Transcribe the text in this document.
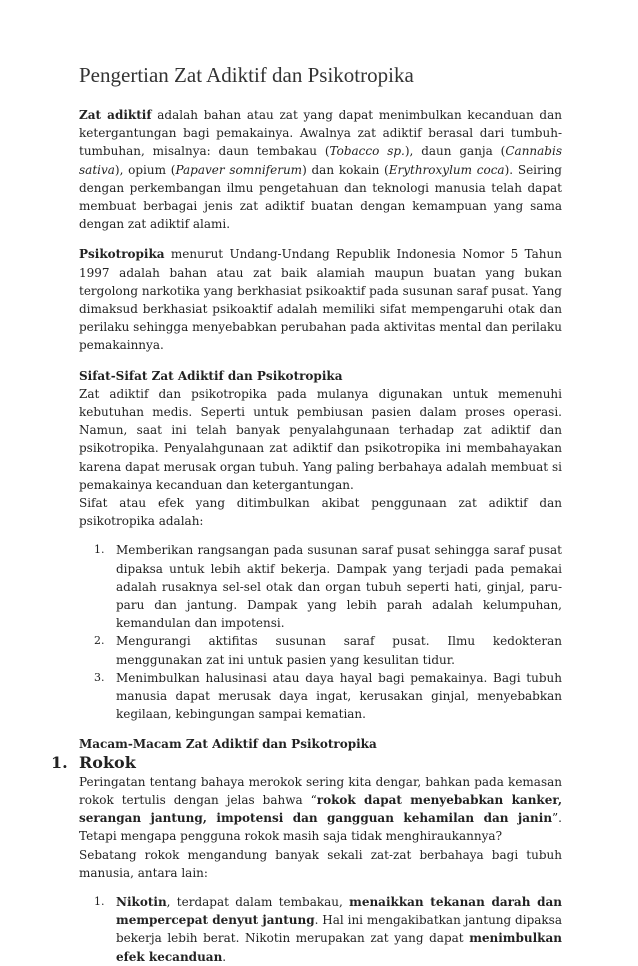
Pengertian Zat Adiktif dan Psikotropika

Zat adiktif adalah bahan atau zat yang dapat menimbulkan kecanduan dan ketergantungan bagi pemakainya. Awalnya zat adiktif berasal dari tumbuh-tumbuhan, misalnya: daun tembakau (Tobacco sp.), daun ganja (Cannabis sativa), opium (Papaver somniferum) dan kokain (Erythroxylum coca). Seiring dengan perkembangan ilmu pengetahuan dan teknologi manusia telah dapat membuat berbagai jenis zat adiktif buatan dengan kemampuan yang sama dengan zat adiktif alami.

Psikotropika menurut Undang-Undang Republik Indonesia Nomor 5 Tahun 1997 adalah bahan atau zat baik alamiah maupun buatan yang bukan tergolong narkotika yang berkhasiat psikoaktif pada susunan saraf pusat. Yang dimaksud berkhasiat psikoaktif adalah memiliki sifat mempengaruhi otak dan perilaku sehingga menyebabkan perubahan pada aktivitas mental dan perilaku pemakainnya.

Sifat-Sifat Zat Adiktif dan Psikotropika

Zat adiktif dan psikotropika pada mulanya digunakan untuk memenuhi kebutuhan medis. Seperti untuk pembiusan pasien dalam proses operasi. Namun, saat ini telah banyak penyalahgunaan terhadap zat adiktif dan psikotropika. Penyalahgunaan zat adiktif dan psikotropika ini membahayakan karena dapat merusak organ tubuh. Yang paling berbahaya adalah membuat si pemakainya kecanduan dan ketergantungan.

Sifat atau efek yang ditimbulkan akibat penggunaan zat adiktif dan psikotropika adalah:

1. Memberikan rangsangan pada susunan saraf pusat sehingga saraf pusat dipaksa untuk lebih aktif bekerja. Dampak yang terjadi pada pemakai adalah rusaknya sel-sel otak dan organ tubuh seperti hati, ginjal, paru-paru dan jantung. Dampak yang lebih parah adalah kelumpuhan, kemandulan dan impotensi.
2. Mengurangi aktifitas susunan saraf pusat. Ilmu kedokteran menggunakan zat ini untuk pasien yang kesulitan tidur.
3. Menimbulkan halusinasi atau daya hayal bagi pemakainya. Bagi tubuh manusia dapat merusak daya ingat, kerusakan ginjal, menyebabkan kegilaan, kebingungan sampai kematian.

Macam-Macam Zat Adiktif dan Psikotropika

1. Rokok

Peringatan tentang bahaya merokok sering kita dengar, bahkan pada kemasan rokok tertulis dengan jelas bahwa “rokok dapat menyebabkan kanker, serangan jantung, impotensi dan gangguan kehamilan dan janin”. Tetapi mengapa pengguna rokok masih saja tidak menghiraukannya?

Sebatang rokok mengandung banyak sekali zat-zat berbahaya bagi tubuh manusia, antara lain:

1. Nikotin, terdapat dalam tembakau, menaikkan tekanan darah dan mempercepat denyut jantung. Hal ini mengakibatkan jantung dipaksa bekerja lebih berat. Nikotin merupakan zat yang dapat menimbulkan efek kecanduan.
